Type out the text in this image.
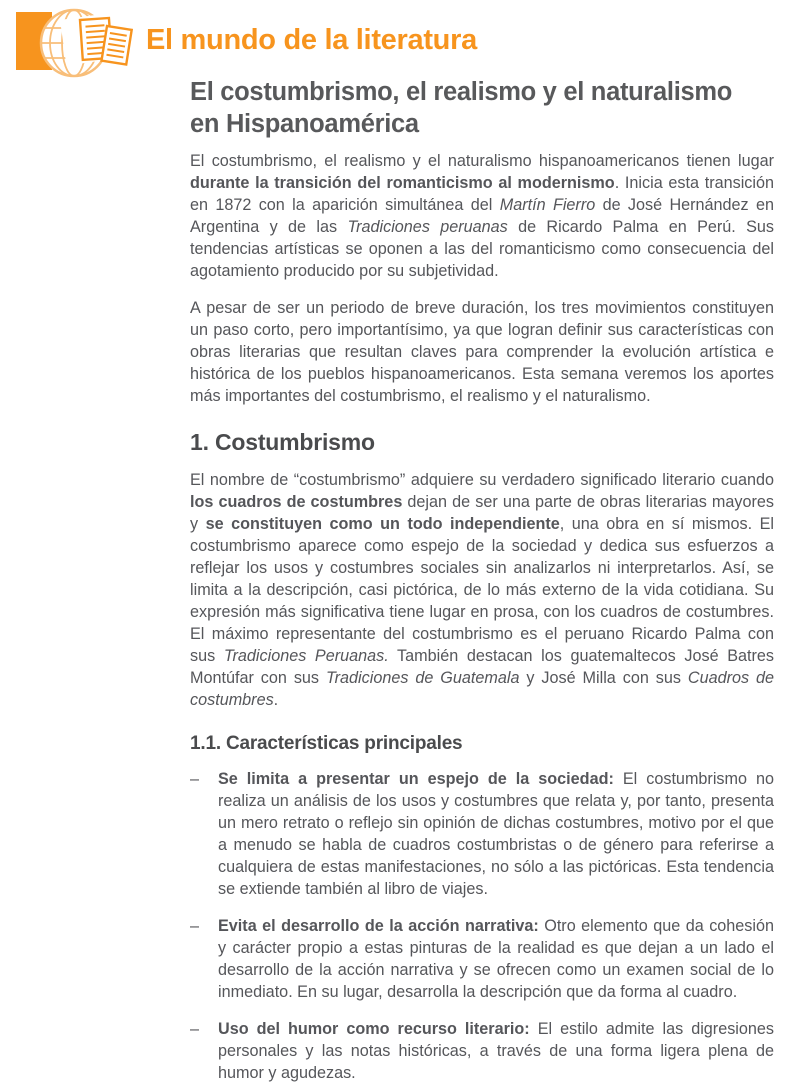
El mundo de la literatura
El costumbrismo, el realismo y el naturalismo
en Hispanoamérica

El costumbrismo, el realismo y el naturalismo hispanoamericanos tienen lugar durante la transición del romanticismo al modernismo. Inicia esta transición en 1872 con la aparición simultánea del Martín Fierro de José Hernández en Argentina y de las Tradiciones peruanas de Ricardo Palma en Perú. Sus tendencias artísticas se oponen a las del romanticismo como consecuencia del agotamiento producido por su subjetividad.

A pesar de ser un periodo de breve duración, los tres movimientos constituyen un paso corto, pero importantísimo, ya que logran definir sus características con obras literarias que resultan claves para comprender la evolución artística e histórica de los pueblos hispanoamericanos. Esta semana veremos los aportes más importantes del costumbrismo, el realismo y el naturalismo.

1. Costumbrismo

El nombre de “costumbrismo” adquiere su verdadero significado literario cuando los cuadros de costumbres dejan de ser una parte de obras literarias mayores y se constituyen como un todo independiente, una obra en sí mismos. El costumbrismo aparece como espejo de la sociedad y dedica sus esfuerzos a reflejar los usos y costumbres sociales sin analizarlos ni interpretarlos. Así, se limita a la descripción, casi pictórica, de lo más externo de la vida cotidiana. Su expresión más significativa tiene lugar en prosa, con los cuadros de costumbres. El máximo representante del costumbrismo es el peruano Ricardo Palma con sus Tradiciones Peruanas. También destacan los guatemaltecos José Batres Montúfar con sus Tradiciones de Guatemala y José Milla con sus Cuadros de costumbres.

1.1. Características principales
–	Se limita a presentar un espejo de la sociedad: El costumbrismo no realiza un análisis de los usos y costumbres que relata y, por tanto, presenta un mero retrato o reflejo sin opinión de dichas costumbres, motivo por el que a menudo se habla de cuadros costumbristas o de género para referirse a cualquiera de estas manifestaciones, no sólo a las pictóricas. Esta tendencia se extiende también al libro de viajes.
–	Evita el desarrollo de la acción narrativa: Otro elemento que da cohesión y carácter propio a estas pinturas de la realidad es que dejan a un lado el desarrollo de la acción narrativa y se ofrecen como un examen social de lo inmediato. En su lugar, desarrolla la descripción que da forma al cuadro.
–	Uso del humor como recurso literario: El estilo admite las digresiones personales y las notas históricas, a través de una forma ligera plena de humor y agudezas.
